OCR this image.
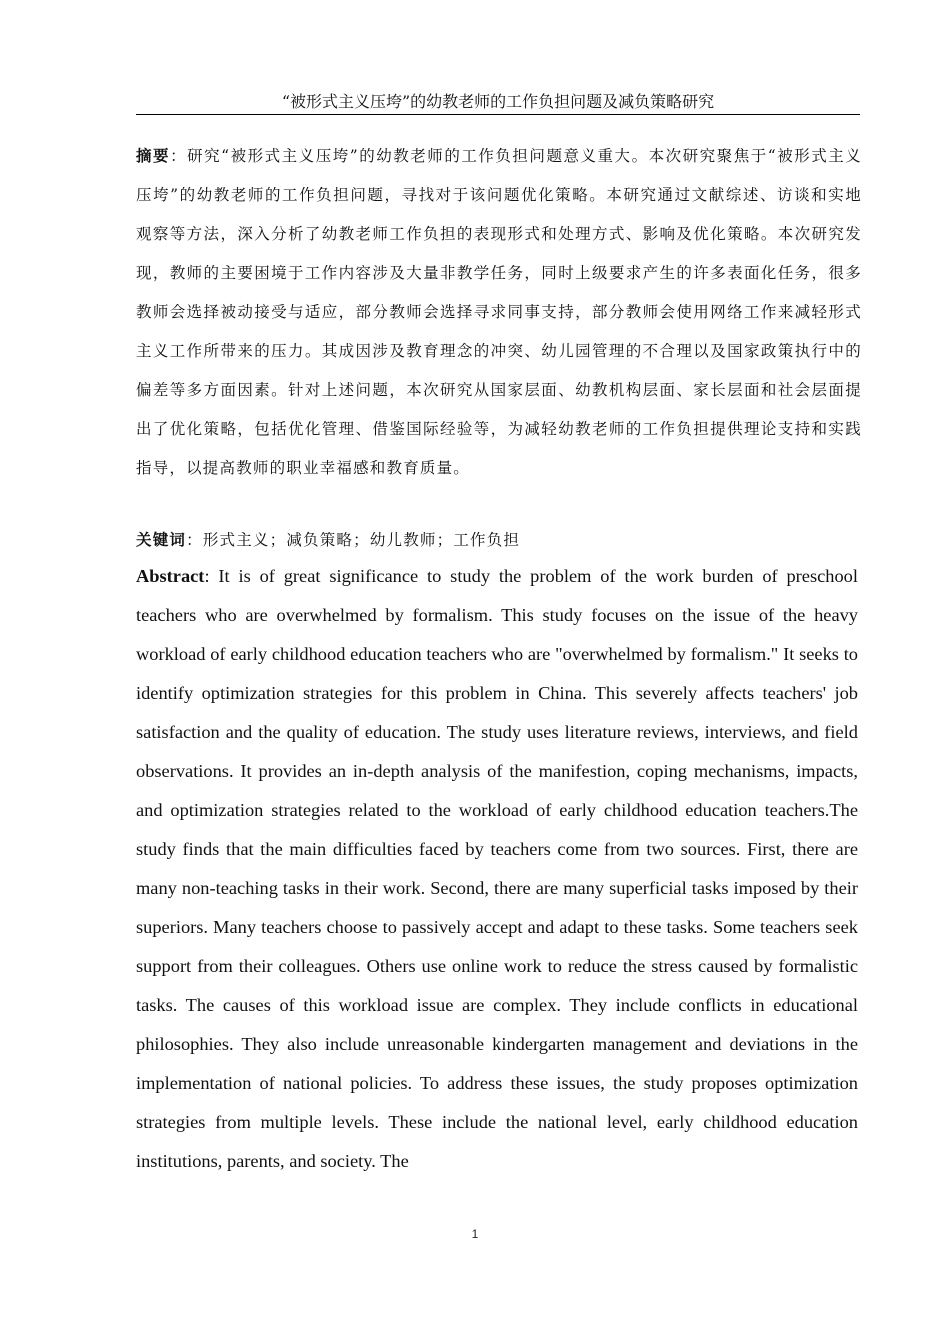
“被形式主义压垮”的幼教老师的工作负担问题及减负策略研究

摘要：研究“被形式主义压垮”的幼教老师的工作负担问题意义重大。本次研究聚焦于“被形式主义压垮”的幼教老师的工作负担问题，寻找对于该问题优化策略。本研究通过文献综述、访谈和实地观察等方法，深入分析了幼教老师工作负担的表现形式和处理方式、影响及优化策略。本次研究发现，教师的主要困境于工作内容涉及大量非教学任务，同时上级要求产生的许多表面化任务，很多教师会选择被动接受与适应，部分教师会选择寻求同事支持，部分教师会使用网络工作来减轻形式主义工作所带来的压力。其成因涉及教育理念的冲突、幼儿园管理的不合理以及国家政策执行中的偏差等多方面因素。针对上述问题，本次研究从国家层面、幼教机构层面、家长层面和社会层面提出了优化策略，包括优化管理、借鉴国际经验等，为减轻幼教老师的工作负担提供理论支持和实践指导，以提高教师的职业幸福感和教育质量。

关键词：形式主义；减负策略；幼儿教师；工作负担

Abstract: It is of great significance to study the problem of the work burden of preschool teachers who are overwhelmed by formalism. This study focuses on the issue of the heavy workload of early childhood education teachers who are "overwhelmed by formalism." It seeks to identify optimization strategies for this problem in China. This severely affects teachers' job satisfaction and the quality of education. The study uses literature reviews, interviews, and field observations. It provides an in-depth analysis of the manifestion, coping mechanisms, impacts, and optimization strategies related to the workload of early childhood education teachers.The study finds that the main difficulties faced by teachers come from two sources. First, there are many non-teaching tasks in their work. Second, there are many superficial tasks imposed by their superiors. Many teachers choose to passively accept and adapt to these tasks. Some teachers seek support from their colleagues. Others use online work to reduce the stress caused by formalistic tasks. The causes of this workload issue are complex. They include conflicts in educational philosophies. They also include unreasonable kindergarten management and deviations in the implementation of national policies. To address these issues, the study proposes optimization strategies from multiple levels. These include the national level, early childhood education institutions, parents, and society. The

1
